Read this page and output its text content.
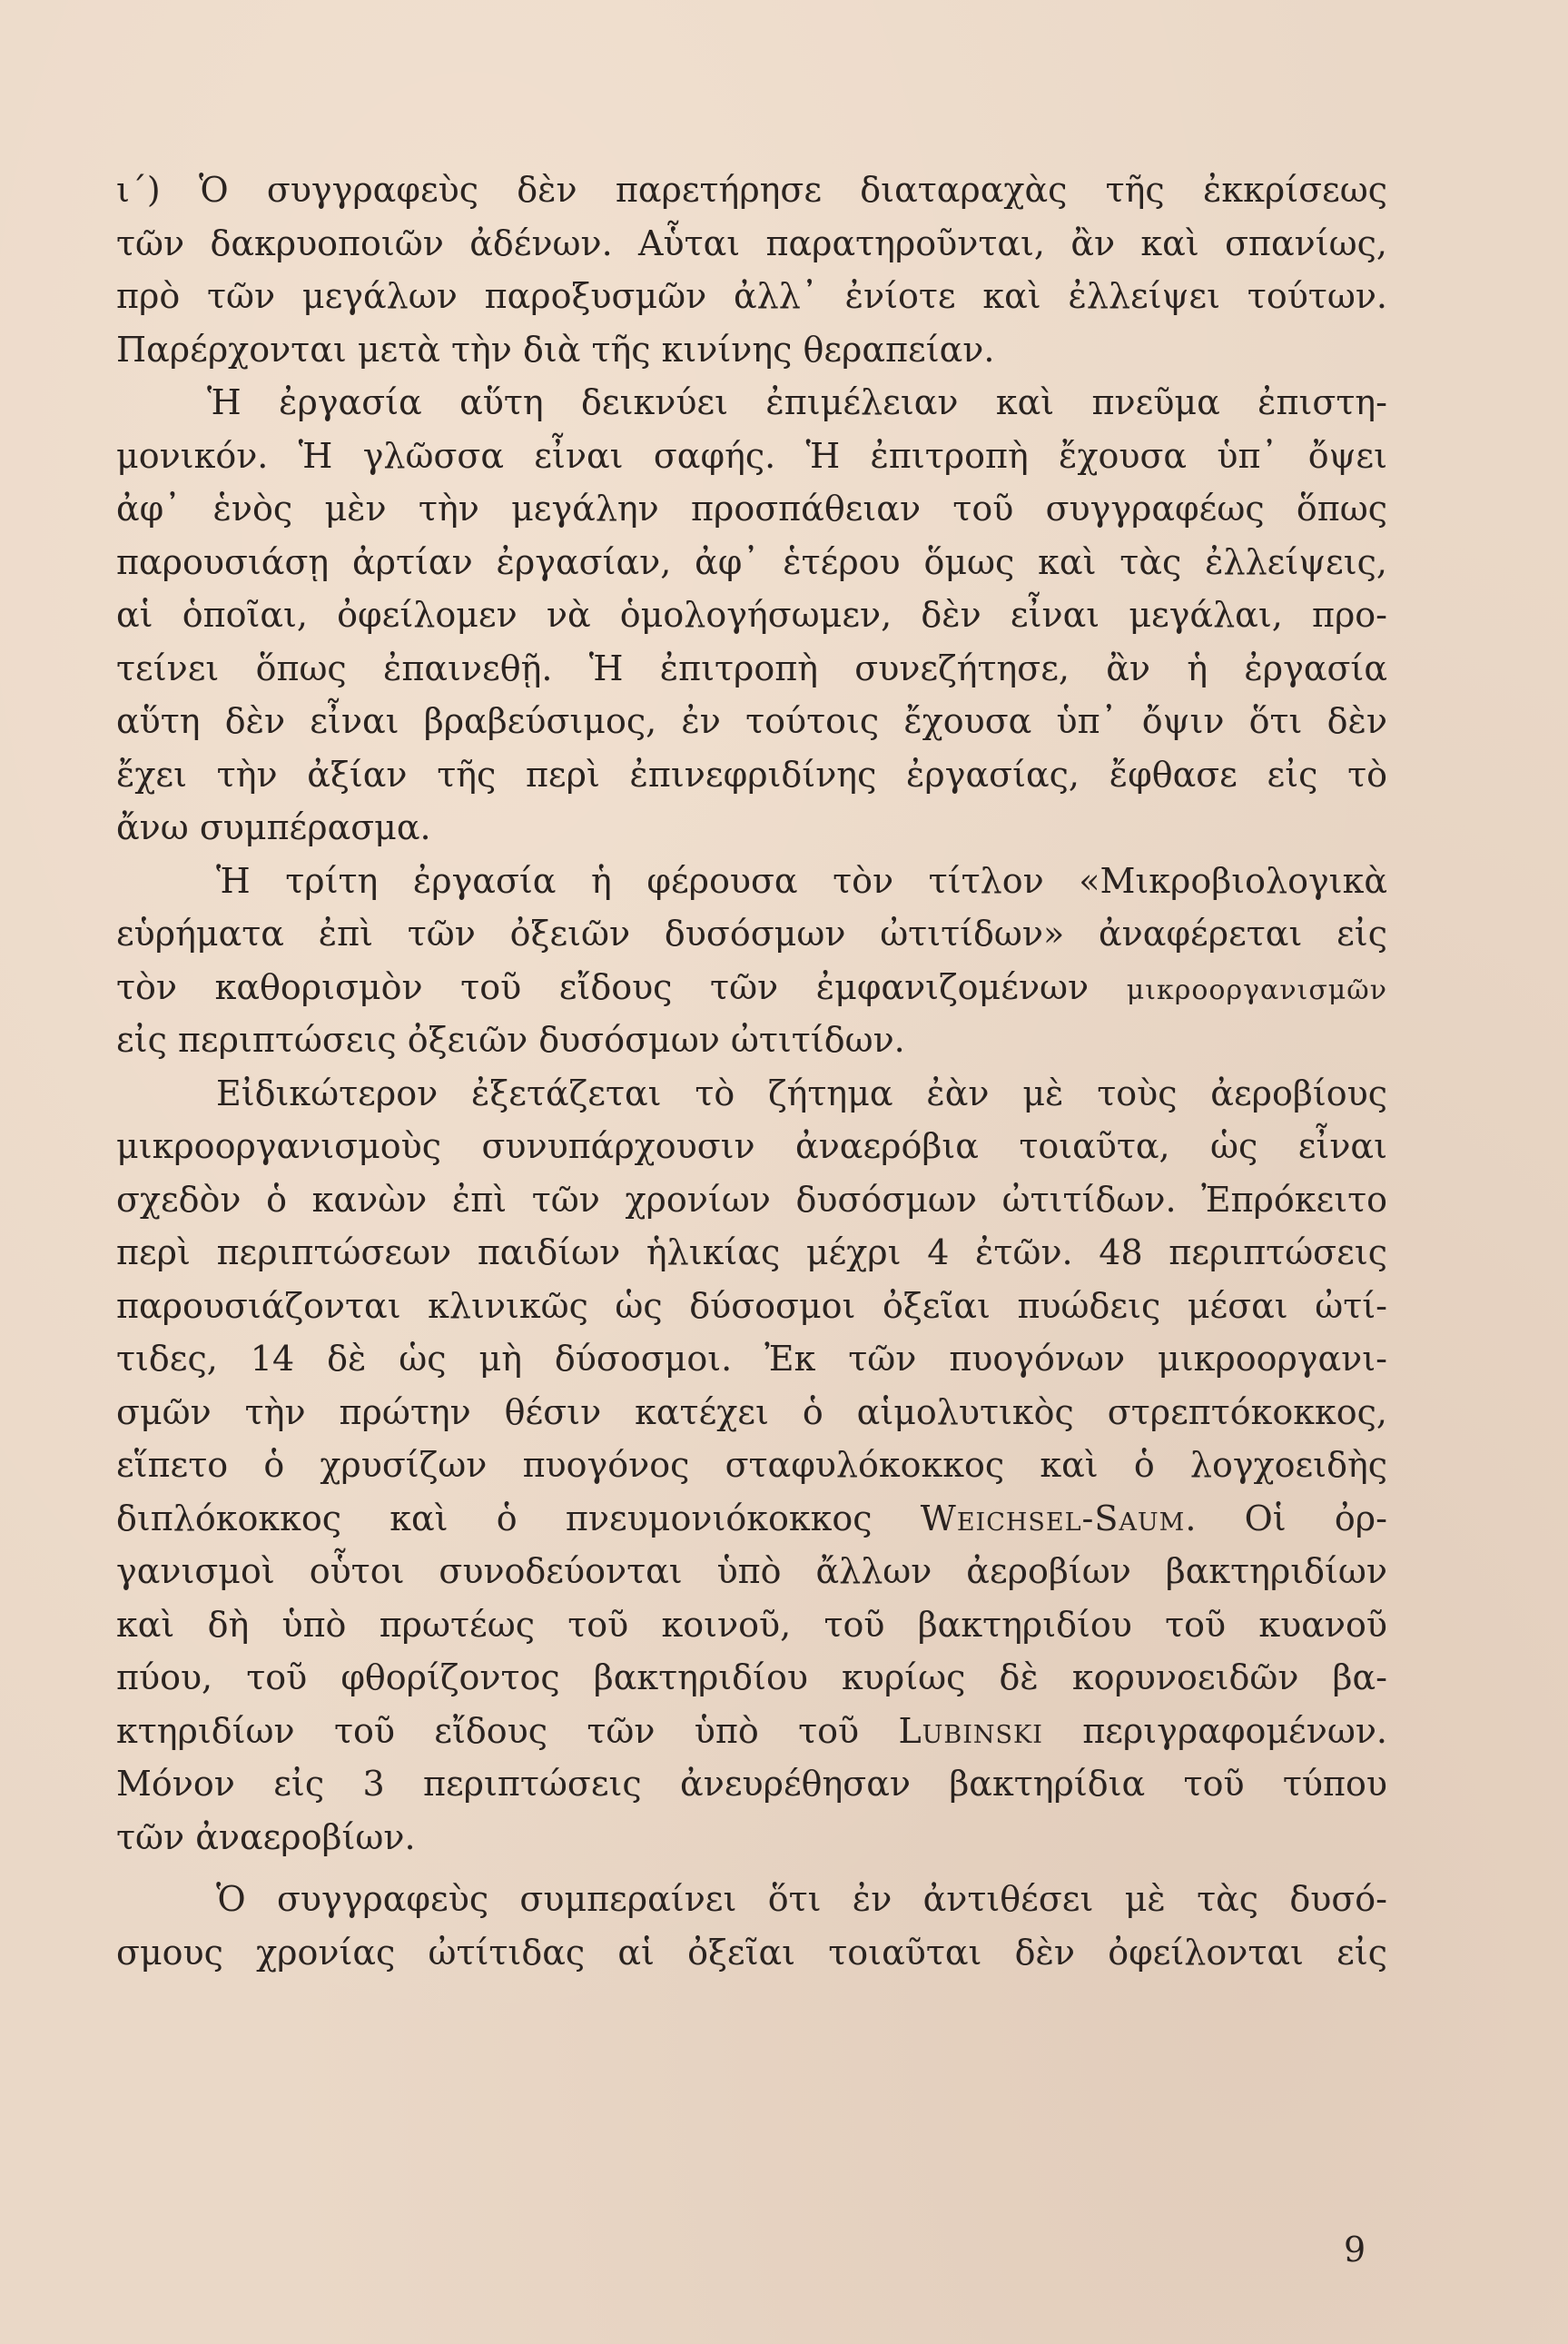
ι΄) Ὁ συγγραφεὺς δὲν παρετήρησε διαταραχὰς τῆς ἐκκρίσεως
τῶν δακρυοποιῶν ἀδένων. Αὗται παρατηροῦνται, ἂν καὶ σπανίως,
πρὸ τῶν μεγάλων παροξυσμῶν ἀλλ᾽ ἐνίοτε καὶ ἐλλείψει τούτων.
Παρέρχονται μετὰ τὴν διὰ τῆς κινίνης θεραπείαν.
Ἡ ἐργασία αὕτη δεικνύει ἐπιμέλειαν καὶ πνεῦμα ἐπιστη-
μονικόν. Ἡ γλῶσσα εἶναι σαφής. Ἡ ἐπιτροπὴ ἔχουσα ὑπ᾽ ὄψει
ἀφ᾽ ἑνὸς μὲν τὴν μεγάλην προσπάθειαν τοῦ συγγραφέως ὅπως
παρουσιάσῃ ἀρτίαν ἐργασίαν, ἀφ᾽ ἑτέρου ὅμως καὶ τὰς ἐλλείψεις,
αἱ ὁποῖαι, ὀφείλομεν νὰ ὁμολογήσωμεν, δὲν εἶναι μεγάλαι, προ-
τείνει ὅπως ἐπαινεθῇ. Ἡ ἐπιτροπὴ συνεζήτησε, ἂν ἡ ἐργασία
αὕτη δὲν εἶναι βραβεύσιμος, ἐν τούτοις ἔχουσα ὑπ᾽ ὄψιν ὅτι δὲν
ἔχει τὴν ἀξίαν τῆς περὶ ἐπινεφριδίνης ἐργασίας, ἔφθασε εἰς τὸ
ἄνω συμπέρασμα.
Ἡ τρίτη ἐργασία ἡ φέρουσα τὸν τίτλον «Μικροβιολογικὰ
εὑρήματα ἐπὶ τῶν ὀξειῶν δυσόσμων ὠτιτίδων» ἀναφέρεται εἰς
τὸν καθορισμὸν τοῦ εἴδους τῶν ἐμφανιζομένων μικροοργανισμῶν
εἰς περιπτώσεις ὀξειῶν δυσόσμων ὠτιτίδων.
Εἰδικώτερον ἐξετάζεται τὸ ζήτημα ἐὰν μὲ τοὺς ἀεροβίους
μικροοργανισμοὺς συνυπάρχουσιν ἀναερόβια τοιαῦτα, ὡς εἶναι
σχεδὸν ὁ κανὼν ἐπὶ τῶν χρονίων δυσόσμων ὠτιτίδων. Ἐπρόκειτο
περὶ περιπτώσεων παιδίων ἡλικίας μέχρι 4 ἐτῶν. 48 περιπτώσεις
παρουσιάζονται κλινικῶς ὡς δύσοσμοι ὀξεῖαι πυώδεις μέσαι ὠτί-
τιδες, 14 δὲ ὡς μὴ δύσοσμοι. Ἐκ τῶν πυογόνων μικροοργανι-
σμῶν τὴν πρώτην θέσιν κατέχει ὁ αἱμολυτικὸς στρεπτόκοκκος,
εἵπετο ὁ χρυσίζων πυογόνος σταφυλόκοκκος καὶ ὁ λογχοειδὴς
διπλόκοκκος καὶ ὁ πνευμονιόκοκκος Weichsel-Saum. Οἱ ὀρ-
γανισμοὶ οὗτοι συνοδεύονται ὑπὸ ἄλλων ἀεροβίων βακτηριδίων
καὶ δὴ ὑπὸ πρωτέως τοῦ κοινοῦ, τοῦ βακτηριδίου τοῦ κυανοῦ
πύου, τοῦ φθορίζοντος βακτηριδίου κυρίως δὲ κορυνοειδῶν βα-
κτηριδίων τοῦ εἴδους τῶν ὑπὸ τοῦ Lubinski περιγραφομένων.
Μόνον εἰς 3 περιπτώσεις ἀνευρέθησαν βακτηρίδια τοῦ τύπου
τῶν ἀναεροβίων.
Ὁ συγγραφεὺς συμπεραίνει ὅτι ἐν ἀντιθέσει μὲ τὰς δυσό-
σμους χρονίας ὠτίτιδας αἱ ὀξεῖαι τοιαῦται δὲν ὀφείλονται εἰς
9
